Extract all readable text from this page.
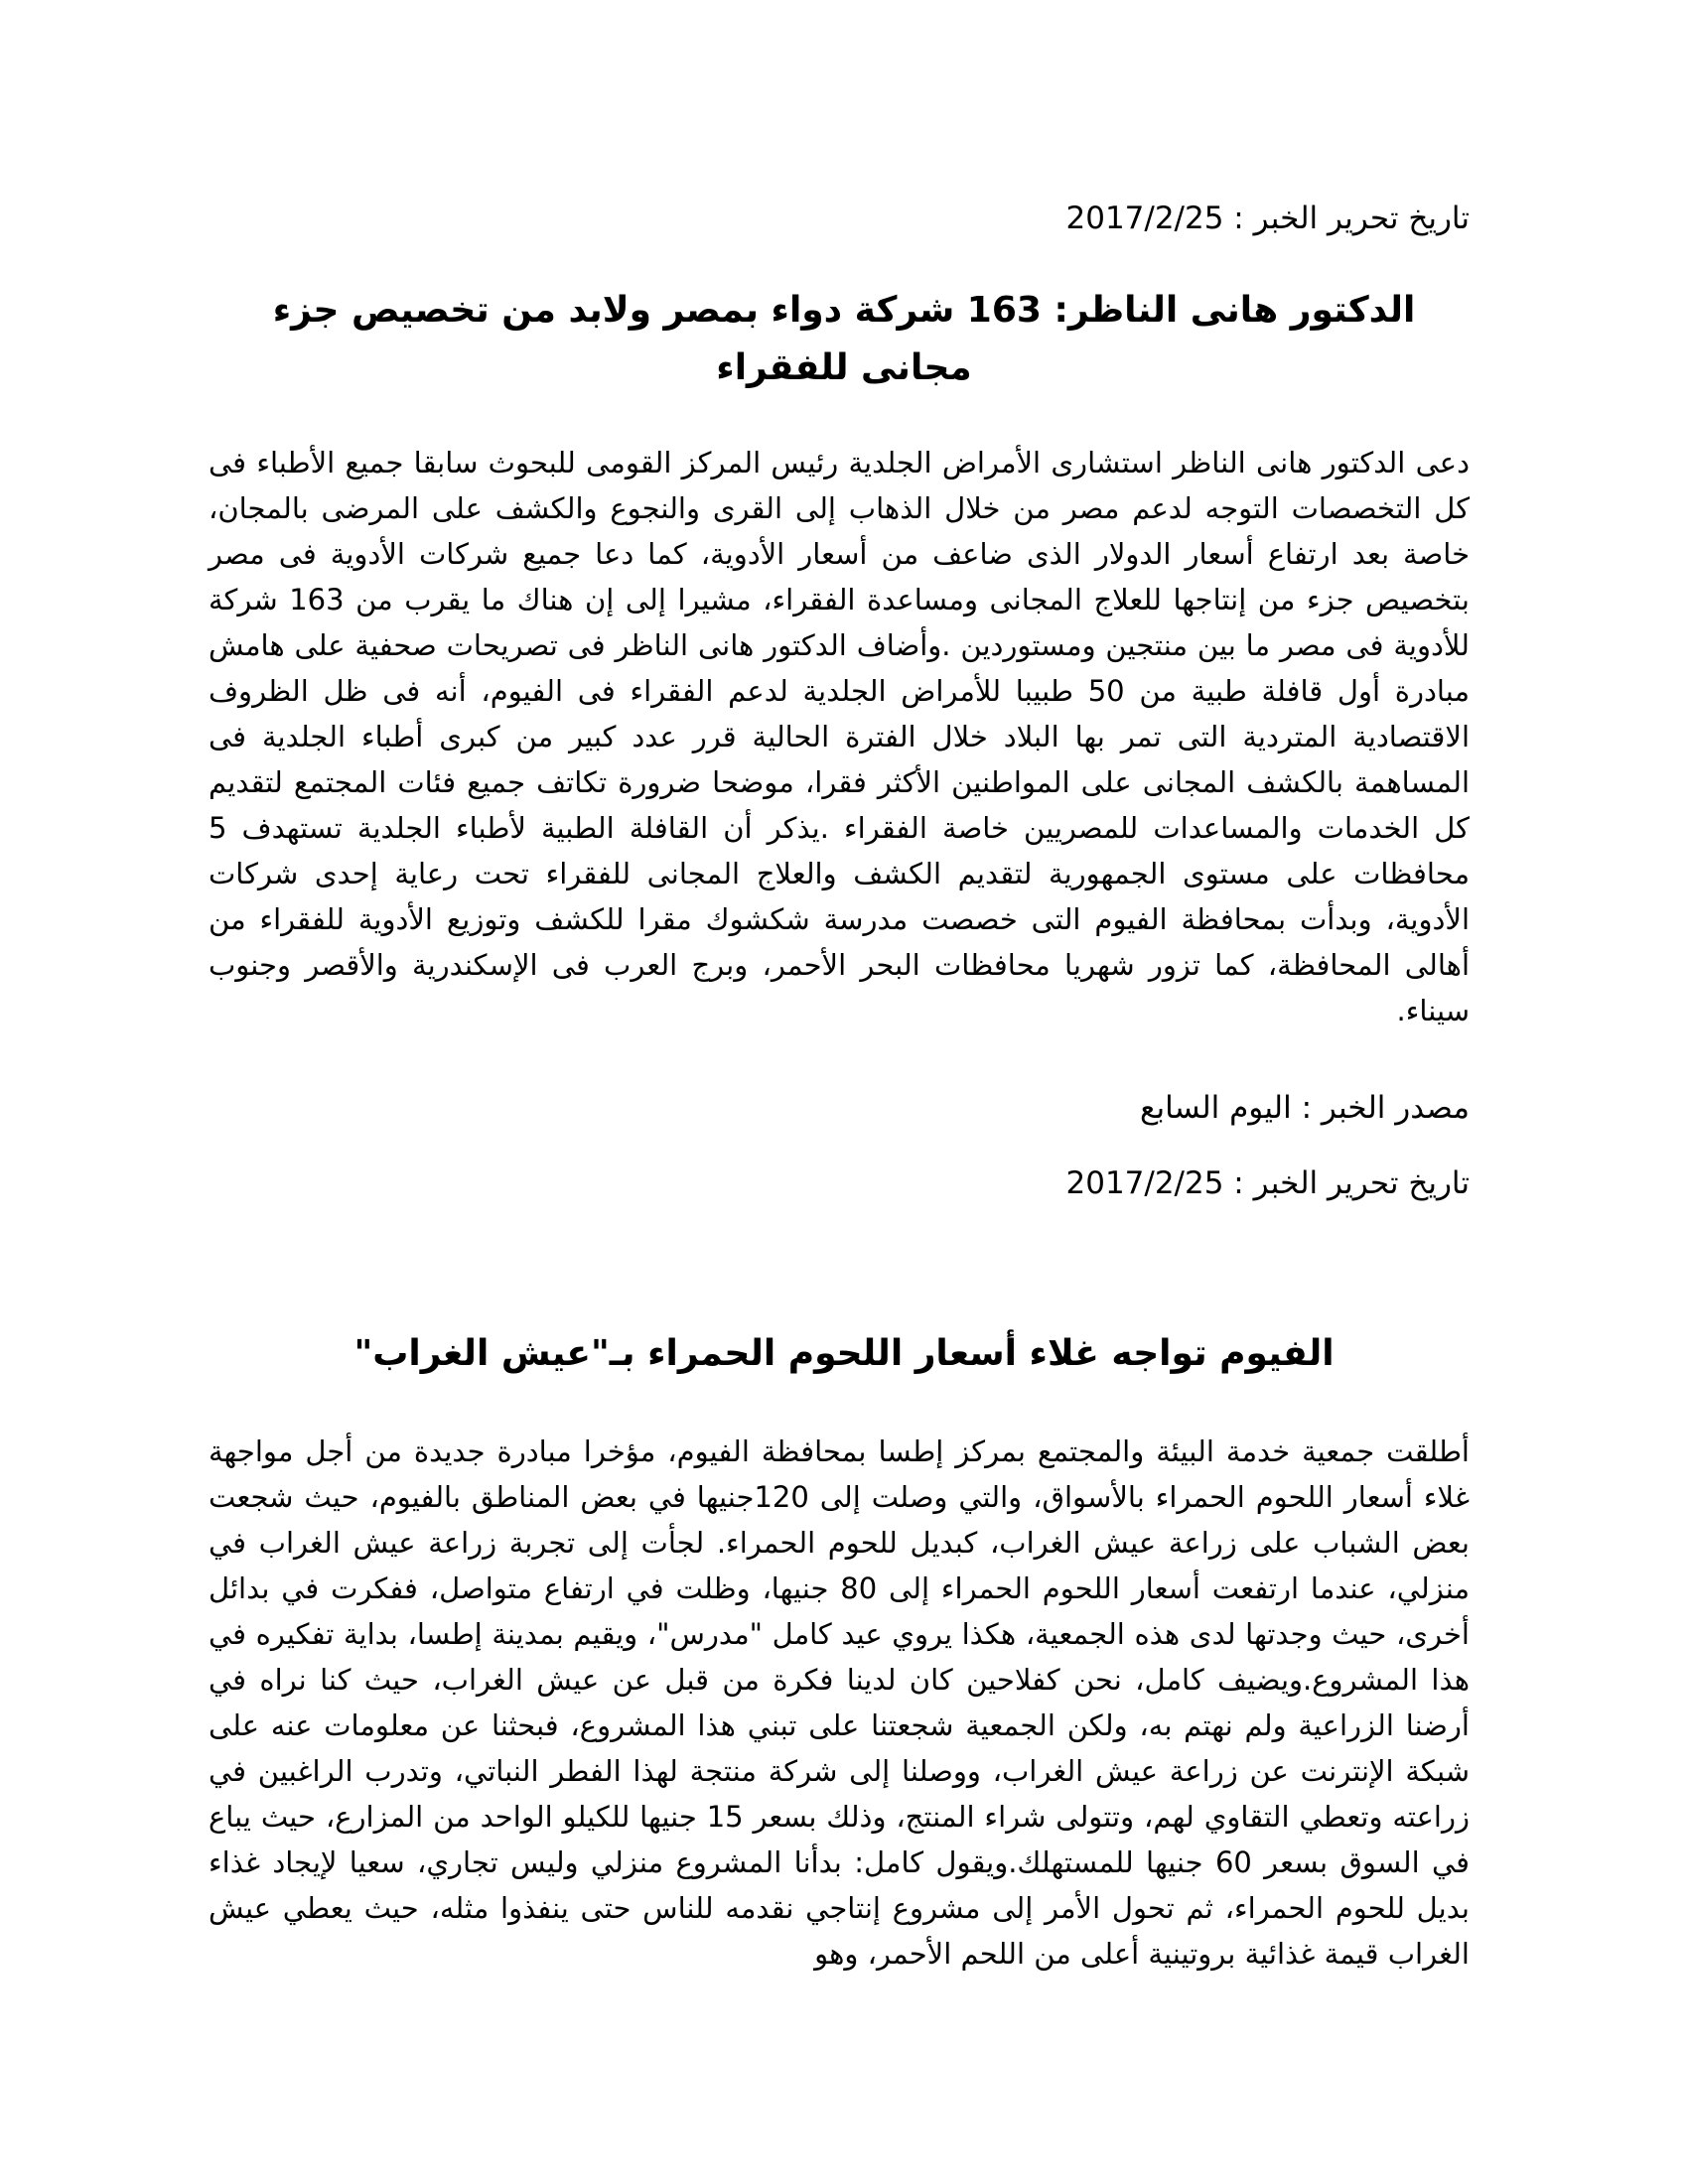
تاريخ تحرير الخبر : 2017/2/25
الدكتور هانى الناظر: 163 شركة دواء بمصر ولابد من تخصيص جزء مجانى للفقراء

دعى الدكتور هانى الناظر استشارى الأمراض الجلدية رئيس المركز القومى للبحوث سابقا جميع الأطباء فى كل التخصصات التوجه لدعم مصر من خلال الذهاب إلى القرى والنجوع والكشف على المرضى بالمجان، خاصة بعد ارتفاع أسعار الدولار الذى ضاعف من أسعار الأدوية، كما دعا جميع شركات الأدوية فى مصر بتخصيص جزء من إنتاجها للعلاج المجانى ومساعدة الفقراء، مشيرا إلى إن هناك ما يقرب من 163 شركة للأدوية فى مصر ما بين منتجين ومستوردين .وأضاف الدكتور هانى الناظر فى تصريحات صحفية على هامش مبادرة أول قافلة طبية من 50 طبيبا للأمراض الجلدية لدعم الفقراء فى الفيوم، أنه فى ظل الظروف الاقتصادية المتردية التى تمر بها البلاد خلال الفترة الحالية قرر عدد كبير من كبرى أطباء الجلدية فى المساهمة بالكشف المجانى على المواطنين الأكثر فقرا، موضحا ضرورة تكاتف جميع فئات المجتمع لتقديم كل الخدمات والمساعدات للمصريين خاصة الفقراء .يذكر أن القافلة الطبية لأطباء الجلدية تستهدف 5 محافظات على مستوى الجمهورية لتقديم الكشف والعلاج المجانى للفقراء تحت رعاية إحدى شركات الأدوية، وبدأت بمحافظة الفيوم التى خصصت مدرسة شكشوك مقرا للكشف وتوزيع الأدوية للفقراء من أهالى المحافظة، كما تزور شهريا محافظات البحر الأحمر، وبرج العرب فى الإسكندرية والأقصر وجنوب سيناء.

مصدر الخبر : اليوم السابع
تاريخ تحرير الخبر : 2017/2/25
الفيوم تواجه غلاء أسعار اللحوم الحمراء بـ"عيش الغراب"

أطلقت جمعية خدمة البيئة والمجتمع بمركز إطسا بمحافظة الفيوم، مؤخرا مبادرة جديدة من أجل مواجهة غلاء أسعار اللحوم الحمراء بالأسواق، والتي وصلت إلى 120جنيها في بعض المناطق بالفيوم، حيث شجعت بعض الشباب على زراعة عيش الغراب، كبديل للحوم الحمراء. لجأت إلى تجربة زراعة عيش الغراب في منزلي، عندما ارتفعت أسعار اللحوم الحمراء إلى 80 جنيها، وظلت في ارتفاع متواصل، ففكرت في بدائل أخرى، حيث وجدتها لدى هذه الجمعية، هكذا يروي عيد كامل "مدرس"، ويقيم بمدينة إطسا، بداية تفكيره في هذا المشروع.ويضيف كامل، نحن كفلاحين كان لدينا فكرة من قبل عن عيش الغراب، حيث كنا نراه في أرضنا الزراعية ولم نهتم به، ولكن الجمعية شجعتنا على تبني هذا المشروع، فبحثنا عن معلومات عنه على شبكة الإنترنت عن زراعة عيش الغراب، ووصلنا إلى شركة منتجة لهذا الفطر النباتي، وتدرب الراغبين في زراعته وتعطي التقاوي لهم، وتتولى شراء المنتج، وذلك بسعر 15 جنيها للكيلو الواحد من المزارع، حيث يباع في السوق بسعر 60 جنيها للمستهلك.ويقول كامل: بدأنا المشروع منزلي وليس تجاري، سعيا لإيجاد غذاء بديل للحوم الحمراء، ثم تحول الأمر إلى مشروع إنتاجي نقدمه للناس حتى ينفذوا مثله، حيث يعطي عيش الغراب قيمة غذائية بروتينية أعلى من اللحم الأحمر، وهو
